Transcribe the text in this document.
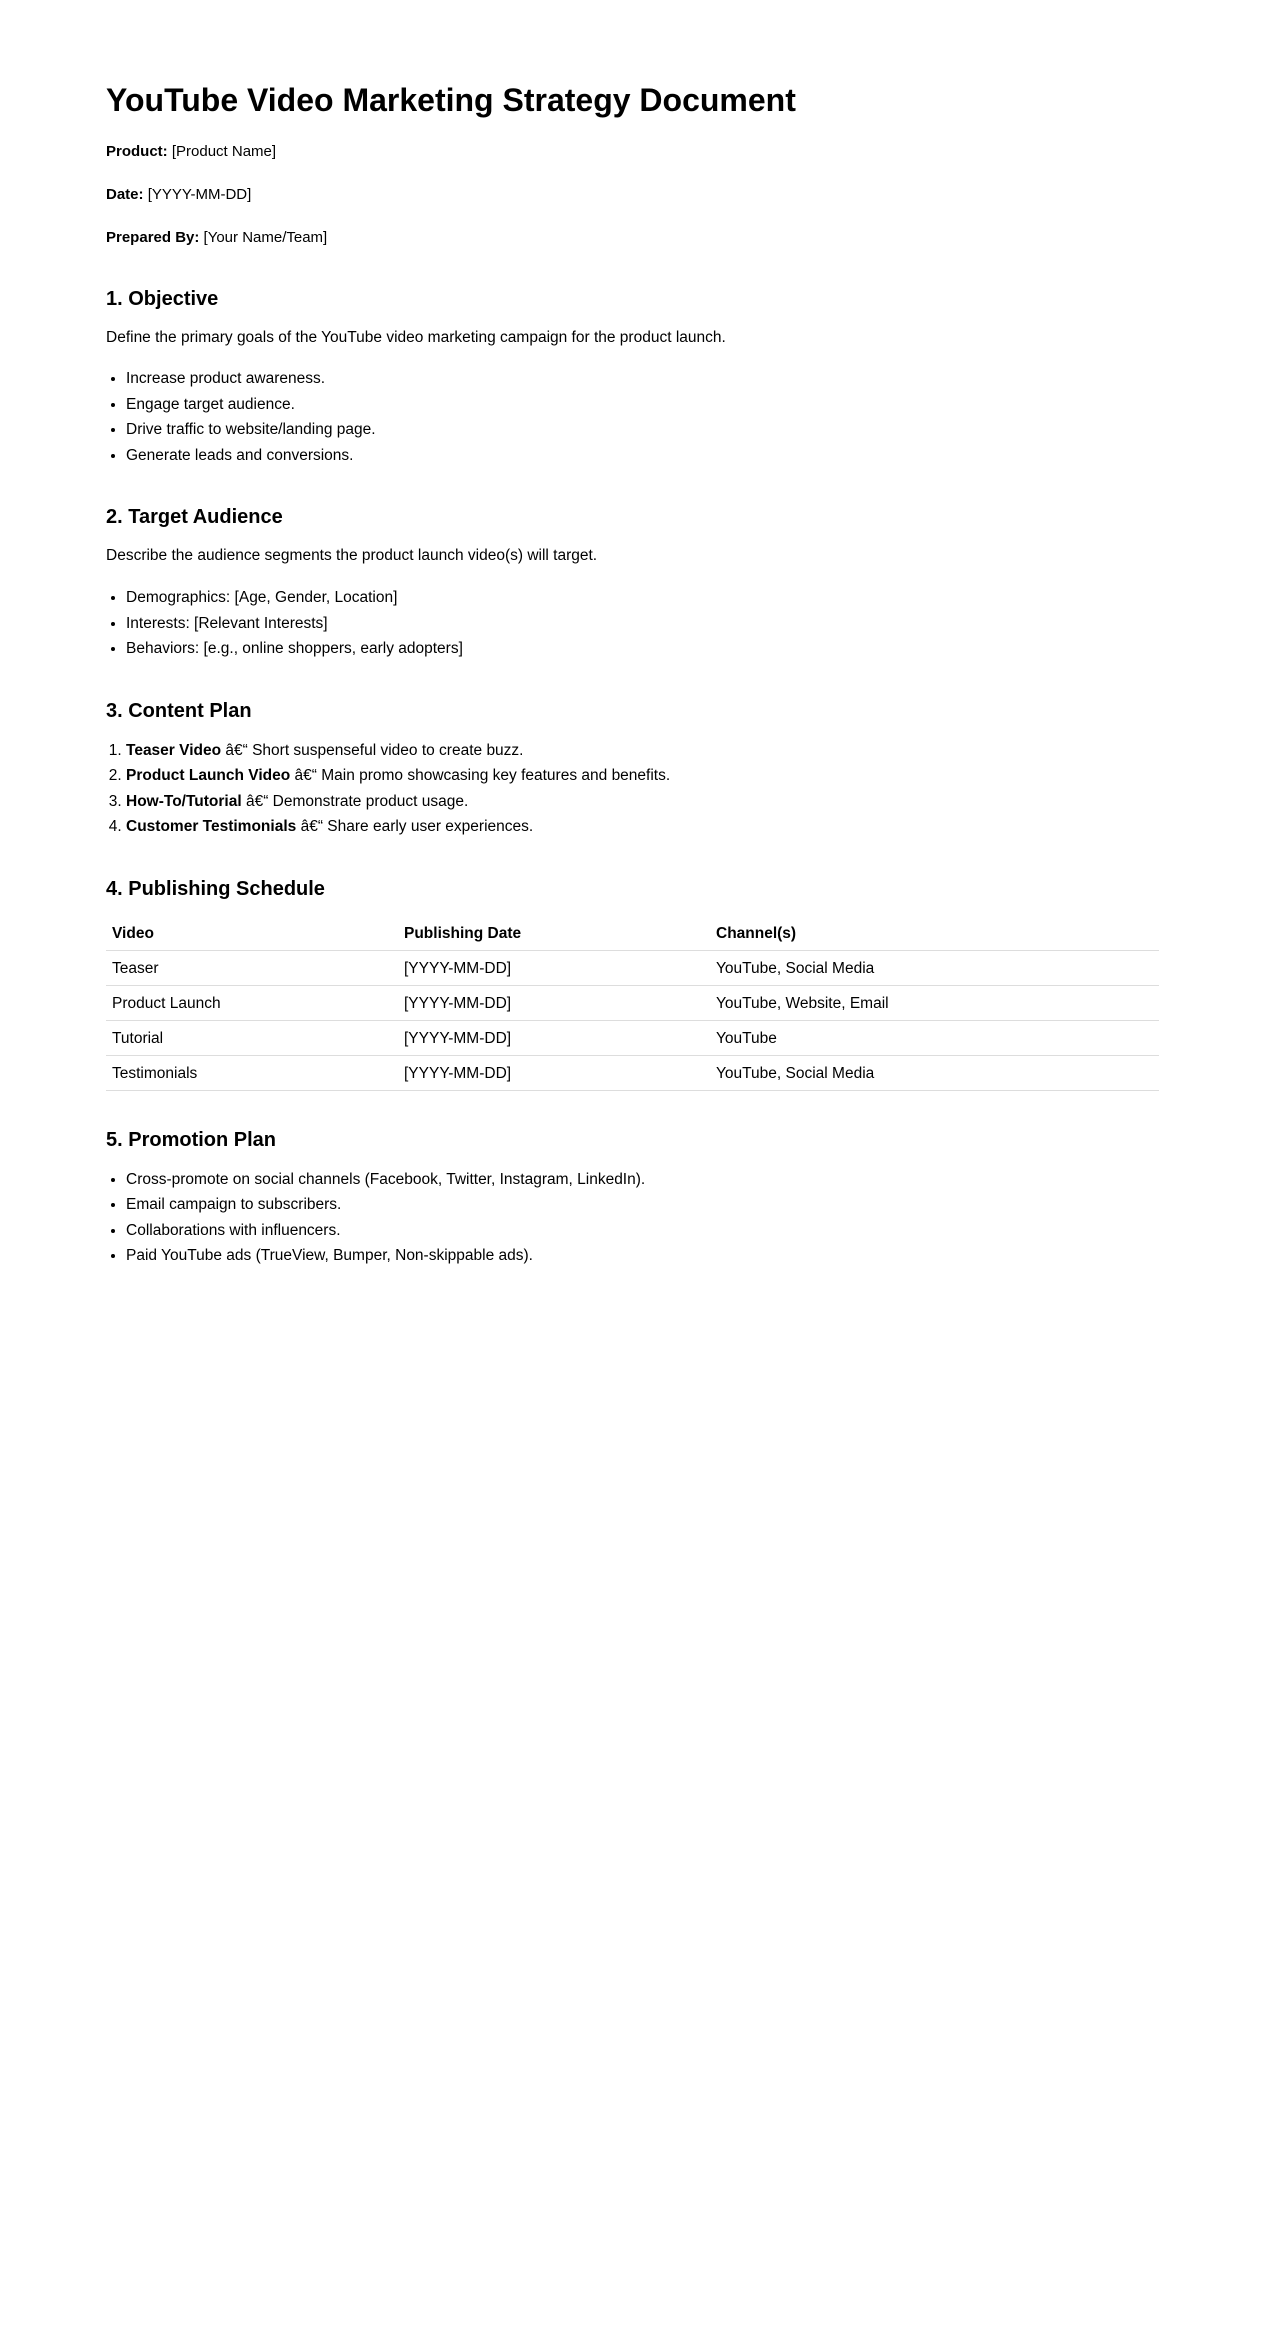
YouTube Video Marketing Strategy Document

Product: [Product Name]

Date: [YYYY-MM-DD]

Prepared By: [Your Name/Team]

1. Objective

Define the primary goals of the YouTube video marketing campaign for the product launch.

• Increase product awareness.
• Engage target audience.
• Drive traffic to website/landing page.
• Generate leads and conversions.
2. Target Audience

Describe the audience segments the product launch video(s) will target.

• Demographics: [Age, Gender, Location]
• Interests: [Relevant Interests]
• Behaviors: [e.g., online shoppers, early adopters]
3. Content Plan
1. Teaser Video â€“ Short suspenseful video to create buzz.
2. Product Launch Video â€“ Main promo showcasing key features and benefits.
3. How-To/Tutorial â€“ Demonstrate product usage.
4. Customer Testimonials â€“ Share early user experiences.
4. Publishing Schedule
Video	Publishing Date	Channel(s)
Teaser	[YYYY-MM-DD]	YouTube, Social Media
Product Launch	[YYYY-MM-DD]	YouTube, Website, Email
Tutorial	[YYYY-MM-DD]	YouTube
Testimonials	[YYYY-MM-DD]	YouTube, Social Media
5. Promotion Plan
• Cross-promote on social channels (Facebook, Twitter, Instagram, LinkedIn).
• Email campaign to subscribers.
• Collaborations with influencers.
• Paid YouTube ads (TrueView, Bumper, Non-skippable ads).
